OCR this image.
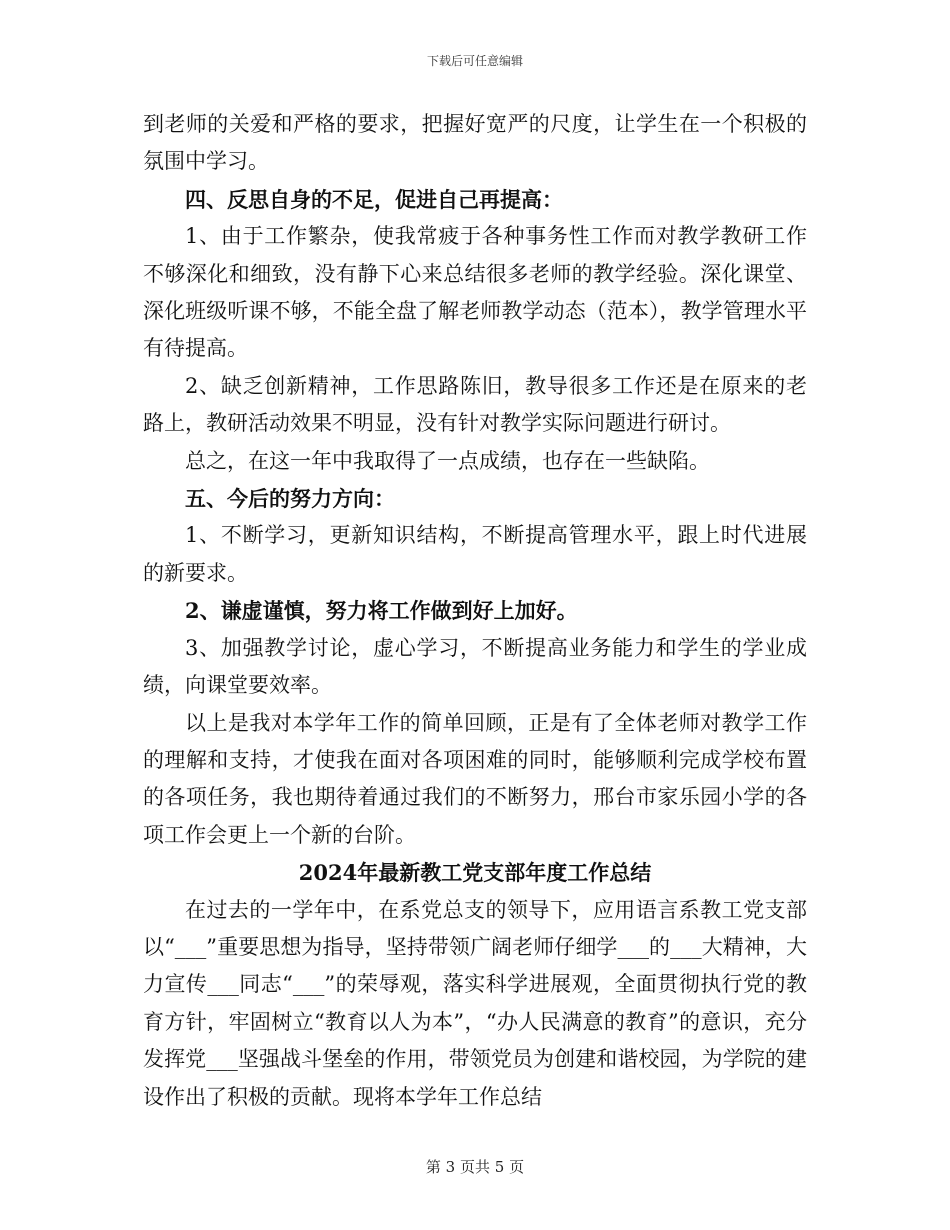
下载后可任意编辑

到老师的关爱和严格的要求，把握好宽严的尺度，让学生在一个积极的氛围中学习。

四、反思自身的不足，促进自己再提高：

1、由于工作繁杂，使我常疲于各种事务性工作而对教学教研工作不够深化和细致，没有静下心来总结很多老师的教学经验。深化课堂、深化班级听课不够，不能全盘了解老师教学动态（范本），教学管理水平有待提高。

2、缺乏创新精神，工作思路陈旧，教导很多工作还是在原来的老路上，教研活动效果不明显，没有针对教学实际问题进行研讨。

总之，在这一年中我取得了一点成绩，也存在一些缺陷。

五、今后的努力方向：

1、不断学习，更新知识结构，不断提高管理水平，跟上时代进展的新要求。

2、谦虚谨慎，努力将工作做到好上加好。

3、加强教学讨论，虚心学习，不断提高业务能力和学生的学业成绩，向课堂要效率。

以上是我对本学年工作的简单回顾，正是有了全体老师对教学工作的理解和支持，才使我在面对各项困难的同时，能够顺利完成学校布置的各项任务，我也期待着通过我们的不断努力，邢台市家乐园小学的各项工作会更上一个新的台阶。

2024年最新教工党支部年度工作总结

在过去的一学年中，在系党总支的领导下，应用语言系教工党支部以“___”重要思想为指导，坚持带领广阔老师仔细学___的___大精神，大力宣传___同志“___”的荣辱观，落实科学进展观，全面贯彻执行党的教育方针，牢固树立“教育以人为本”，“办人民满意的教育”的意识，充分发挥党___坚强战斗堡垒的作用，带领党员为创建和谐校园，为学院的建设作出了积极的贡献。现将本学年工作总结

第 3 页共 5 页
